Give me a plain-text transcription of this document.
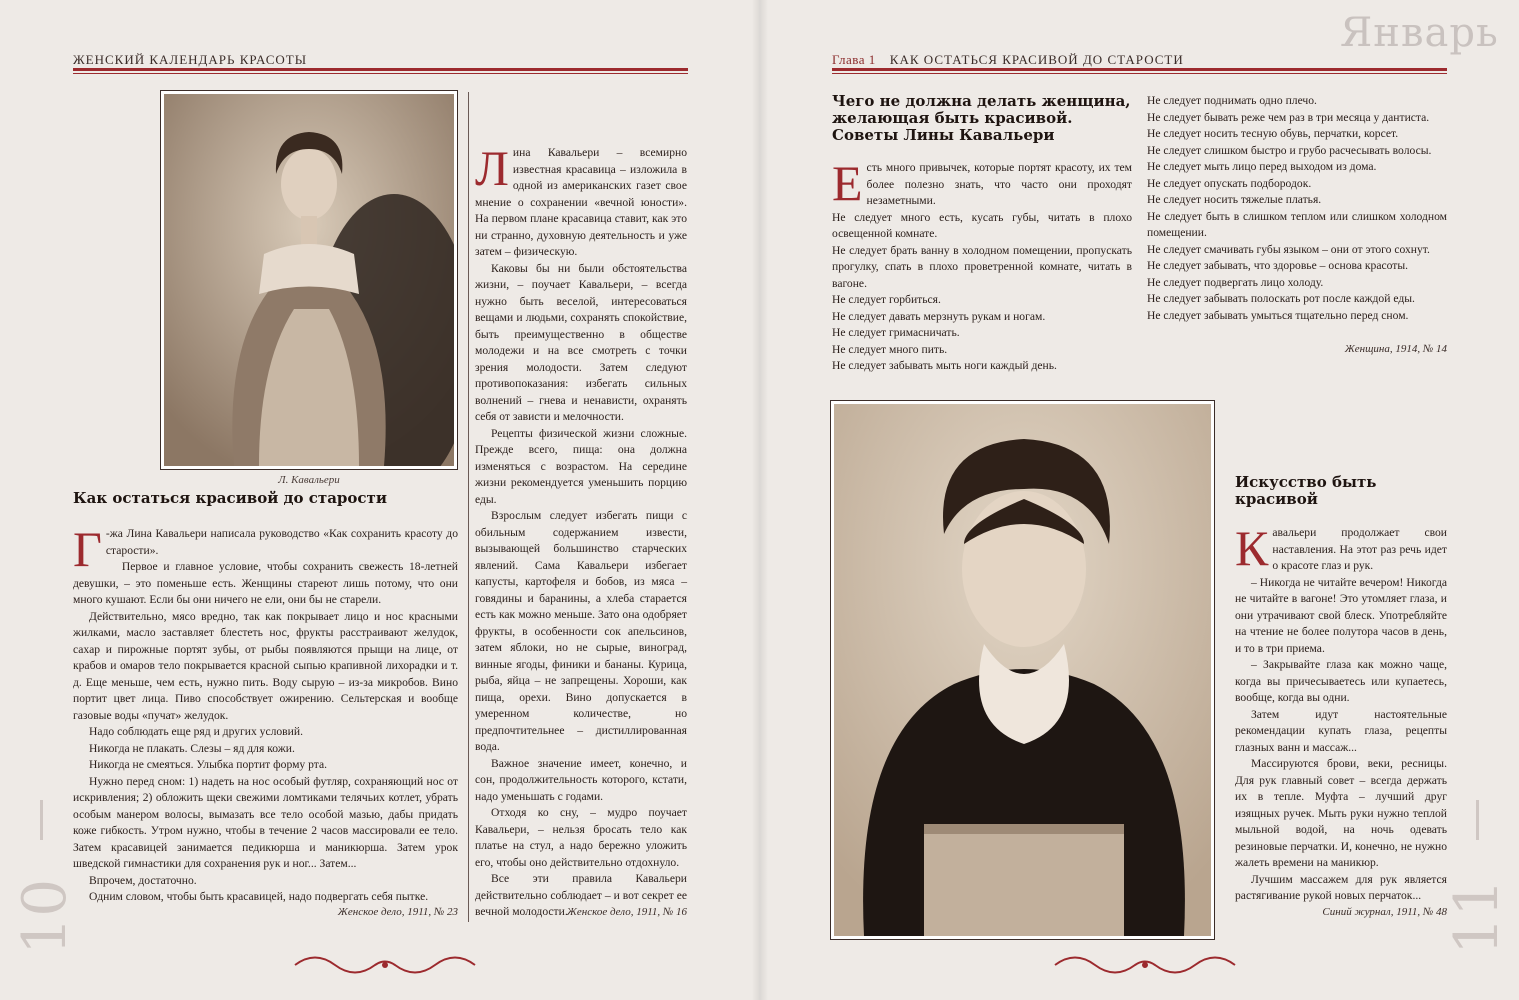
ЖЕНСКИЙ КАЛЕНДАРЬ КРАСОТЫ
Л. Кавальери
Как остаться красивой до старости
Г -жа Лина Кавальери написала руководство «Как сохранить красоту до старости».

Первое и главное условие, чтобы сохранить свежесть 18-летней девушки, – это поменьше есть. Женщины стареют лишь потому, что они много кушают. Если бы они ничего не ели, они бы не старели.

Действительно, мясо вредно, так как покрывает лицо и нос красными жилками, масло заставляет блестеть нос, фрукты расстраивают желудок, сахар и пирожные портят зубы, от рыбы появляются прыщи на лице, от крабов и омаров тело покрывается красной сыпью крапивной лихорадки и т. д. Еще меньше, чем есть, нужно пить. Воду сырую – из-за микробов. Вино портит цвет лица. Пиво способствует ожирению. Сельтерская и вообще газовые воды «пучат» желудок.

Надо соблюдать еще ряд и других условий.

Никогда не плакать. Слезы – яд для кожи.

Никогда не смеяться. Улыбка портит форму рта.

Нужно перед сном: 1) надеть на нос особый футляр, сохраняющий нос от искривления; 2) обложить щеки свежими ломтиками телячьих котлет, убрать особым манером волосы, вымазать все тело особой мазью, дабы придать коже гибкость. Утром нужно, чтобы в течение 2 часов массировали ее тело. Затем красавицей занимается педикюрша и маникюрша. Затем урок шведской гимнастики для сохранения рук и ног... Затем...

Впрочем, достаточно.

Одним словом, чтобы быть красавицей, надо подвергать себя пытке.

Женское дело, 1911, № 23
Л ина Кавальери – всемирно известная красавица – изложила в одной из американских газет свое мнение о сохранении «вечной юности». На первом плане красавица ставит, как это ни странно, духовную деятельность и уже затем – физическую.

Каковы бы ни были обстоятельства жизни, – поучает Кавальери, – всегда нужно быть веселой, интересоваться вещами и людьми, сохранять спокойствие, быть преимущественно в обществе молодежи и на все смотреть с точки зрения молодости. Затем следуют противопоказания: избегать сильных волнений – гнева и ненависти, охранять себя от зависти и мелочности.

Рецепты физической жизни сложные. Прежде всего, пища: она должна изменяться с возрастом. На середине жизни рекомендуется уменьшить порцию еды.

Взрослым следует избегать пищи с обильным содержанием извести, вызывающей большинство старческих явлений. Сама Кавальери избегает капусты, картофеля и бобов, из мяса – говядины и баранины, а хлеба старается есть как можно меньше. Зато она одобряет фрукты, в особенности сок апельсинов, затем яблоки, но не сырые, виноград, винные ягоды, финики и бананы. Курица, рыба, яйца – не запрещены. Хороши, как пища, орехи. Вино допускается в умеренном количестве, но предпочтительнее – дистиллированная вода.

Важное значение имеет, конечно, и сон, продолжительность которого, кстати, надо уменьшать с годами.

Отходя ко сну, – мудро поучает Кавальери, – нельзя бросать тело как платье на стул, а надо бережно уложить его, чтобы оно действительно отдохнуло.

Все эти правила Кавальери действительно соблюдает – и вот секрет ее вечной молодости. Женское дело, 1911, № 16
10
Глава 1 КАК ОСТАТЬСЯ КРАСИВОЙ ДО СТАРОСТИ
Январь
Чего не должна делать женщина, желающая быть красивой. Советы Лины Кавальери
Е сть много привычек, которые портят красоту, их тем более полезно знать, что часто они проходят незаметными.

Не следует много есть, кусать губы, читать в плохо освещенной комнате.

Не следует брать ванну в холодном помещении, пропускать прогулку, спать в плохо проветренной комнате, читать в вагоне.

Не следует горбиться.

Не следует давать мерзнуть рукам и ногам.

Не следует гримасничать.

Не следует много пить.

Не следует забывать мыть ноги каждый день.

Не следует поднимать одно плечо.

Не следует бывать реже чем раз в три месяца у дантиста.

Не следует носить тесную обувь, перчатки, корсет.

Не следует слишком быстро и грубо расчесывать волосы.

Не следует мыть лицо перед выходом из дома.

Не следует опускать подбородок.

Не следует носить тяжелые платья.

Не следует быть в слишком теплом или слишком холодном помещении.

Не следует смачивать губы языком – они от этого сохнут.

Не следует забывать, что здоровье – основа красоты.

Не следует подвергать лицо холоду.

Не следует забывать полоскать рот после каждой еды.

Не следует забывать умыться тщательно перед сном.

Женщина, 1914, № 14
Искусство быть красивой
К авальери продолжает свои наставления. На этот раз речь идет о красоте глаз и рук.

– Никогда не читайте вечером! Никогда не читайте в вагоне! Это утомляет глаза, и они утрачивают свой блеск. Употребляйте на чтение не более полутора часов в день, и то в три приема.

– Закрывайте глаза как можно чаще, когда вы причесываетесь или купаетесь, вообще, когда вы одни.

Затем идут настоятельные рекомендации купать глаза, рецепты глазных ванн и массаж...

Массируются брови, веки, ресницы. Для рук главный совет – всегда держать их в тепле. Муфта – лучший друг изящных ручек. Мыть руки нужно теплой мыльной водой, на ночь одевать резиновые перчатки. И, конечно, не нужно жалеть времени на маникюр.

Лучшим массажем для рук является растягивание рукой новых перчаток...

Синий журнал, 1911, № 48
11
